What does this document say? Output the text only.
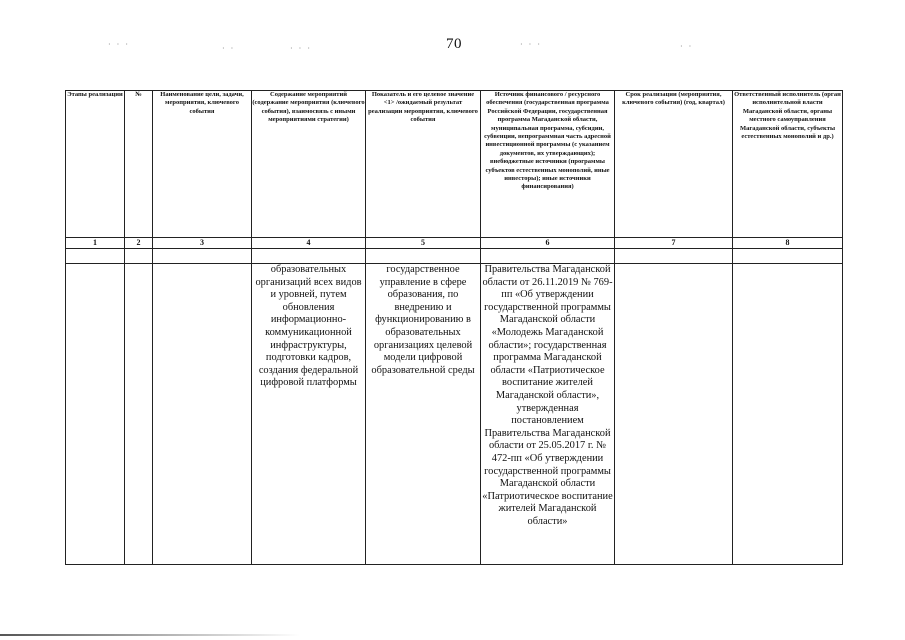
· · ·	· ·	· · ·	· · ·	· ·
70
Этапы реализации	№	Наименование цели, задачи, мероприятия, ключевого события	Содержание мероприятий (содержание мероприятия (ключевого события), взаимосвязь с иными мероприятиями стратегии)	Показатель и его целевое значение <1> /ожидаемый результат реализации мероприятия, ключевого события	Источник финансового / ресурсного обеспечения (государственная программа Российской Федерации, государственная программа Магаданской области, муниципальная программа, субсидии, субвенции, непрограммная часть адресной инвестиционной программы (с указанием документов, их утверждающих); внебюджетные источники (программы субъектов естественных монополий, иные инвесторы); иные источники финансирования)	Срок реализации (мероприятия, ключевого события) (год, квартал)	Ответственный исполнитель (орган исполнительной власти Магаданской области, органы местного самоуправления Магаданской области, субъекты естественных монополий и др.)
1	2	3	4	5	6	7	8

			образовательных организаций всех видов и уровней, путем обновления информационно-коммуникационной инфраструктуры, подготовки кадров, создания федеральной цифровой платформы	государственное управление в сфере образования, по внедрению и функционированию в образовательных организациях целевой модели цифровой образовательной среды	Правительства Магаданской области от 26.11.2019 № 769-пп «Об утверждении государственной программы Магаданской области «Молодежь Магаданской области»; государственная программа Магаданской области «Патриотическое воспитание жителей Магаданской области», утвержденная постановлением Правительства Магаданской области от 25.05.2017 г. № 472-пп «Об утверждении государственной программы Магаданской области «Патриотическое воспитание жителей Магаданской области»		
